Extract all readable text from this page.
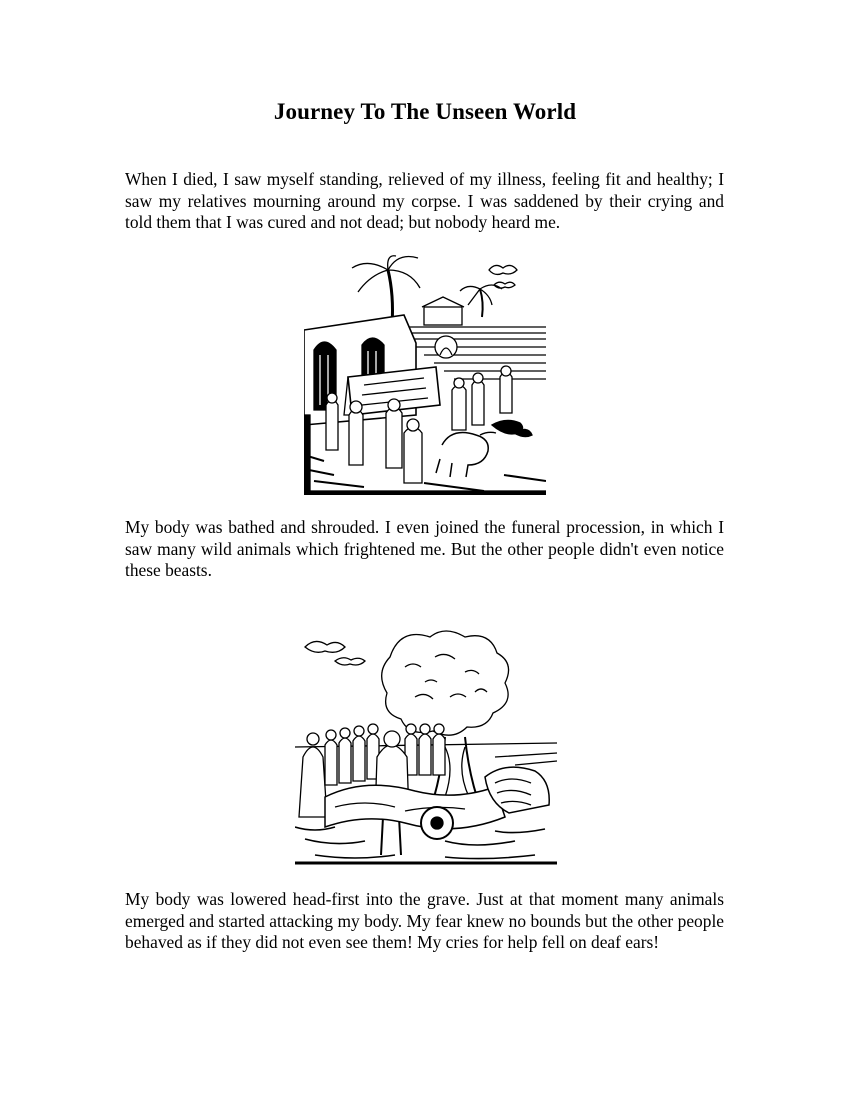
Journey To The Unseen World

When I died, I saw myself standing, relieved of my illness, feeling fit and healthy; I saw my relatives mourning around my corpse. I was saddened by their crying and told them that I was cured and not dead; but nobody heard me.

My body was bathed and shrouded. I even joined the funeral procession, in which I saw many wild animals which frightened me. But the other people didn't even notice these beasts.

My body was lowered head-first into the grave. Just at that moment many animals emerged and started attacking my body. My fear knew no bounds but the other people behaved as if they did not even see them! My cries for help fell on deaf ears!
